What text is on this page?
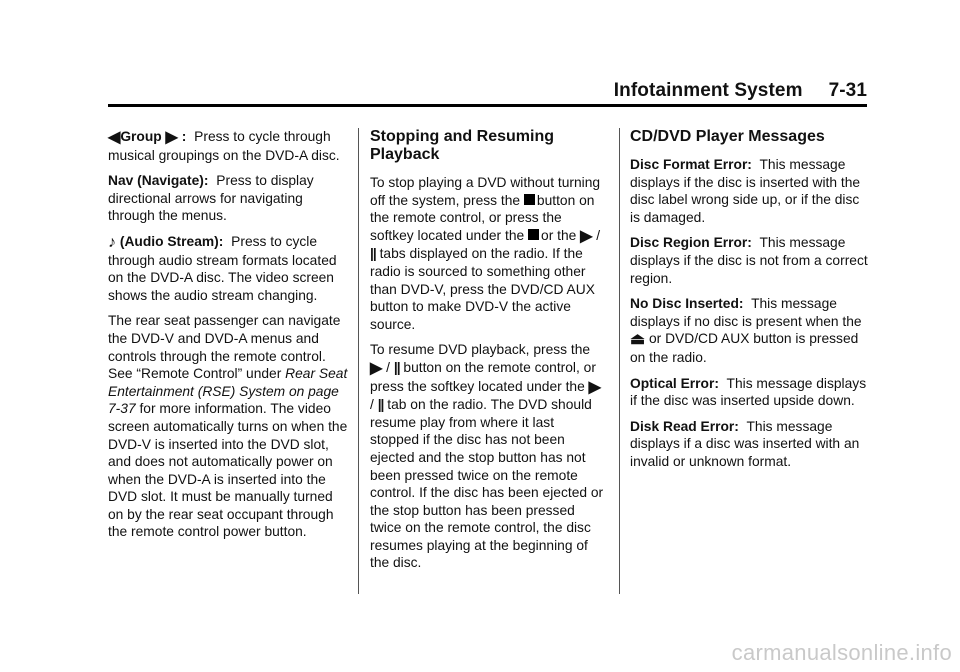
Infotainment System 7-31

◀Group ▶ : Press to cycle through musical groupings on the DVD-A disc.

Nav (Navigate): Press to display directional arrows for navigating through the menus.

♪ (Audio Stream): Press to cycle through audio stream formats located on the DVD-A disc. The video screen shows the audio stream changing.

The rear seat passenger can navigate the DVD-V and DVD-A menus and controls through the remote control. See “Remote Control” under Rear Seat Entertainment (RSE) System on page 7-37 for more information. The video screen automatically turns on when the DVD-V is inserted into the DVD slot, and does not automatically power on when the DVD-A is inserted into the DVD slot. It must be manually turned on by the rear seat occupant through the remote control power button.

Stopping and Resuming Playback

To stop playing a DVD without turning off the system, press the button on the remote control, or press the softkey located under the or the ▶ / || tabs displayed on the radio. If the radio is sourced to something other than DVD-V, press the DVD/CD AUX button to make DVD-V the active source.

To resume DVD playback, press the ▶ / || button on the remote control, or press the softkey located under the ▶ / || tab on the radio. The DVD should resume play from where it last stopped if the disc has not been ejected and the stop button has not been pressed twice on the remote control. If the disc has been ejected or the stop button has been pressed twice on the remote control, the disc resumes playing at the beginning of the disc.

CD/DVD Player Messages

Disc Format Error: This message displays if the disc is inserted with the disc label wrong side up, or if the disc is damaged.

Disc Region Error: This message displays if the disc is not from a correct region.

No Disc Inserted: This message displays if no disc is present when the ⏏ or DVD/CD AUX button is pressed on the radio.

Optical Error: This message displays if the disc was inserted upside down.

Disk Read Error: This message displays if a disc was inserted with an invalid or unknown format.

carmanualsonline.info
